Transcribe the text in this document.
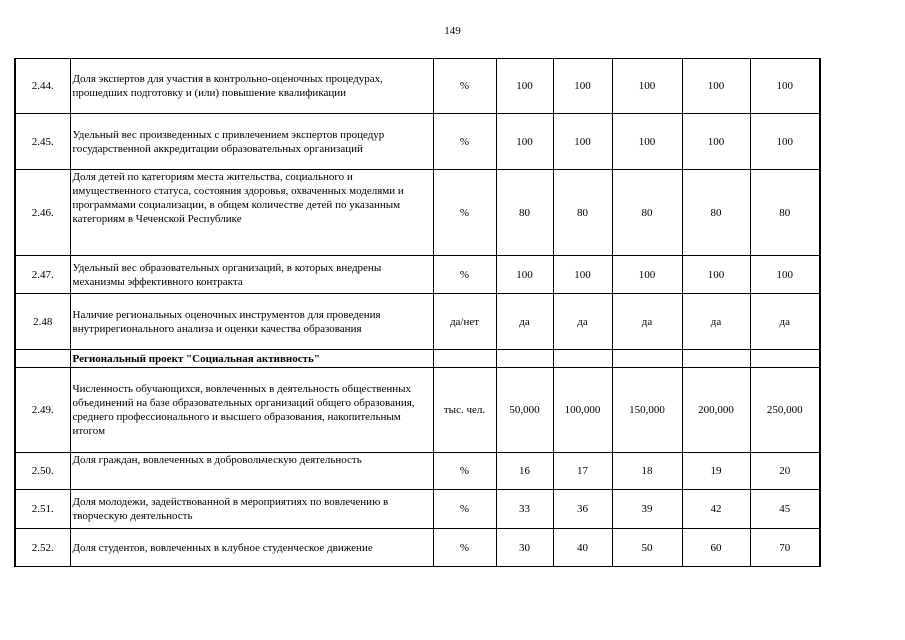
149
2.44.	Доля экспертов для участия в контрольно-оценочных процедурах, прошедших подготовку и (или) повышение квалификации	%	100	100	100	100	100
2.45.	Удельный вес произведенных с привлечением экспертов процедур государственной аккредитации образовательных организаций	%	100	100	100	100	100
2.46.	Доля детей по категориям места жительства, социального и имущественного статуса, состояния здоровья, охваченных моделями и программами социализации, в общем количестве детей по указанным категориям в Чеченской Республике	%	80	80	80	80	80
2.47.	Удельный вес образовательных организаций, в которых внедрены механизмы эффективного контракта	%	100	100	100	100	100
2.48	Наличие региональных оценочных инструментов для проведения внутрирегионального анализа и оценки качества образования	да/нет	да	да	да	да	да
	Региональный проект "Социальная активность"						
2.49.	Численность обучающихся, вовлеченных в деятельность общественных объединений на базе образовательных организаций общего образования, среднего профессионального и высшего образования, накопительным итогом	тыс. чел.	50,000	100,000	150,000	200,000	250,000
2.50.	Доля граждан, вовлеченных в добровольческую деятельность	%	16	17	18	19	20
2.51.	Доля молодежи, задействованной в мероприятиях по вовлечению в творческую деятельность	%	33	36	39	42	45
2.52.	Доля студентов, вовлеченных в клубное студенческое движение	%	30	40	50	60	70
